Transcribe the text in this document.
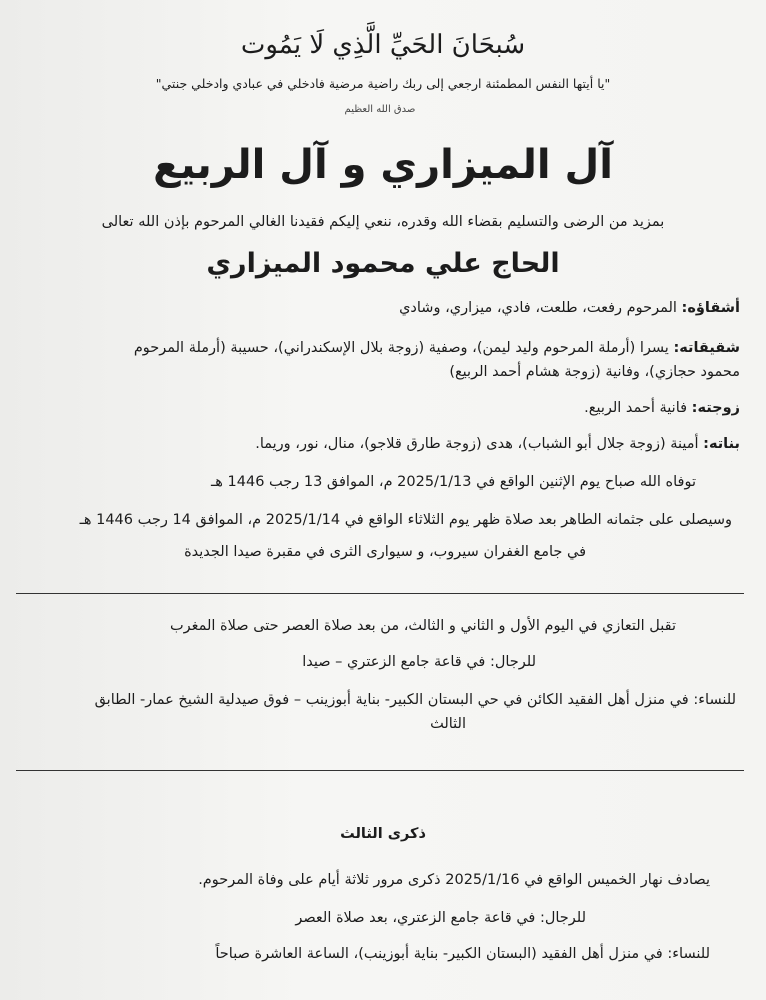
سُبحَانَ الحَيِّ الَّذِي لَا يَمُوت
"يا أيتها النفس المطمئنة ارجعي إلى ربك راضية مرضية فادخلي في عبادي وادخلي جنتي"
صدق الله العظيم
آل الميزاري و آل الربيع
بمزيد من الرضى والتسليم بقضاء الله وقدره، ننعي إليكم فقيدنا الغالي المرحوم بإذن الله تعالى
الحاج علي محمود الميزاري
أشقاؤه: المرحوم رفعت، طلعت، فادي، ميزاري، وشادي
شقيقاته: يسرا (أرملة المرحوم وليد ليمن)، وصفية (زوجة بلال الإسكندراني)، حسيبة (أرملة المرحوم
محمود حجازي)، وفانية (زوجة هشام أحمد الربيع)
زوجته: فانية أحمد الربيع.
بناته: أمينة (زوجة جلال أبو الشباب)، هدى (زوجة طارق قلاجو)، منال، نور، وريما.
توفاه الله صباح يوم الإثنين الواقع في 2025/1/13 م، الموافق 13 رجب 1446 هـ
وسيصلى على جثمانه الطاهر بعد صلاة ظهر يوم الثلاثاء الواقع في 2025/1/14 م، الموافق 14 رجب 1446 هـ
في جامع الغفران سيروب، و سيوارى الثرى في مقبرة صيدا الجديدة
تقبل التعازي في اليوم الأول و الثاني و الثالث، من بعد صلاة العصر حتى صلاة المغرب
للرجال: في قاعة جامع الزعتري – صيدا
للنساء: في منزل أهل الفقيد الكائن في حي البستان الكبير- بناية أبوزينب – فوق صيدلية الشيخ عمار- الطابق
الثالث
ذكرى الثالث
يصادف نهار الخميس الواقع في 2025/1/16 ذكرى مرور ثلاثة أيام على وفاة المرحوم.
للرجال: في قاعة جامع الزعتري، بعد صلاة العصر
للنساء: في منزل أهل الفقيد (البستان الكبير- بناية أبوزينب)، الساعة العاشرة صباحاً
